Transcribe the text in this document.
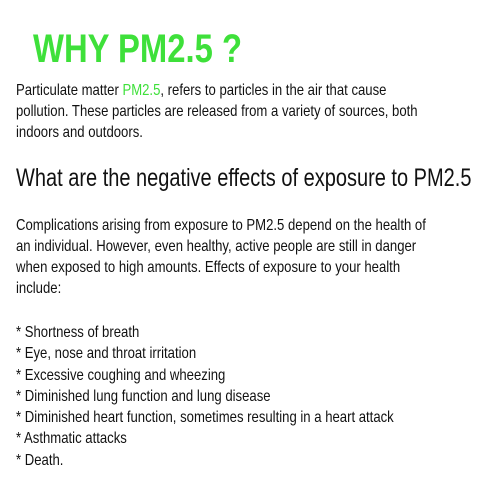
WHY PM2.5 ?

Particulate matter PM2.5, refers to particles in the air that cause pollution. These particles are released from a variety of sources, both indoors and outdoors.

What are the negative effects of exposure to PM2.5

Complications arising from exposure to PM2.5 depend on the health of an individual. However, even healthy, active people are still in danger when exposed to high amounts. Effects of exposure to your health include:

* Shortness of breath
* Eye, nose and throat irritation
* Excessive coughing and wheezing
* Diminished lung function and lung disease
* Diminished heart function, sometimes resulting in a heart attack
* Asthmatic attacks
* Death.
